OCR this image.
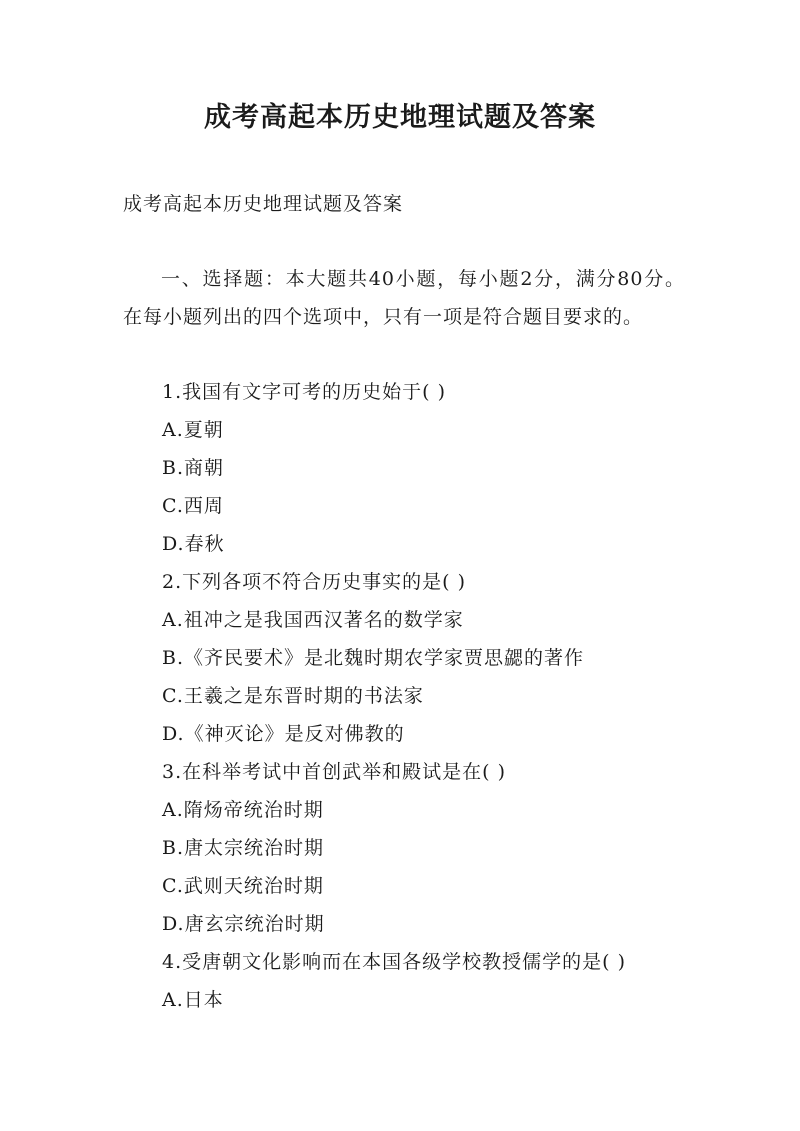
成考高起本历史地理试题及答案
成考高起本历史地理试题及答案
一、选择题：本大题共40小题，每小题2分，满分80分。在每小题列出的四个选项中，只有一项是符合题目要求的。
1.我国有文字可考的历史始于( )
A.夏朝
B.商朝
C.西周
D.春秋
2.下列各项不符合历史事实的是( )
A.祖冲之是我国西汉著名的数学家
B.《齐民要术》是北魏时期农学家贾思勰的著作
C.王羲之是东晋时期的书法家
D.《神灭论》是反对佛教的
3.在科举考试中首创武举和殿试是在( )
A.隋炀帝统治时期
B.唐太宗统治时期
C.武则天统治时期
D.唐玄宗统治时期
4.受唐朝文化影响而在本国各级学校教授儒学的是( )
A.日本
